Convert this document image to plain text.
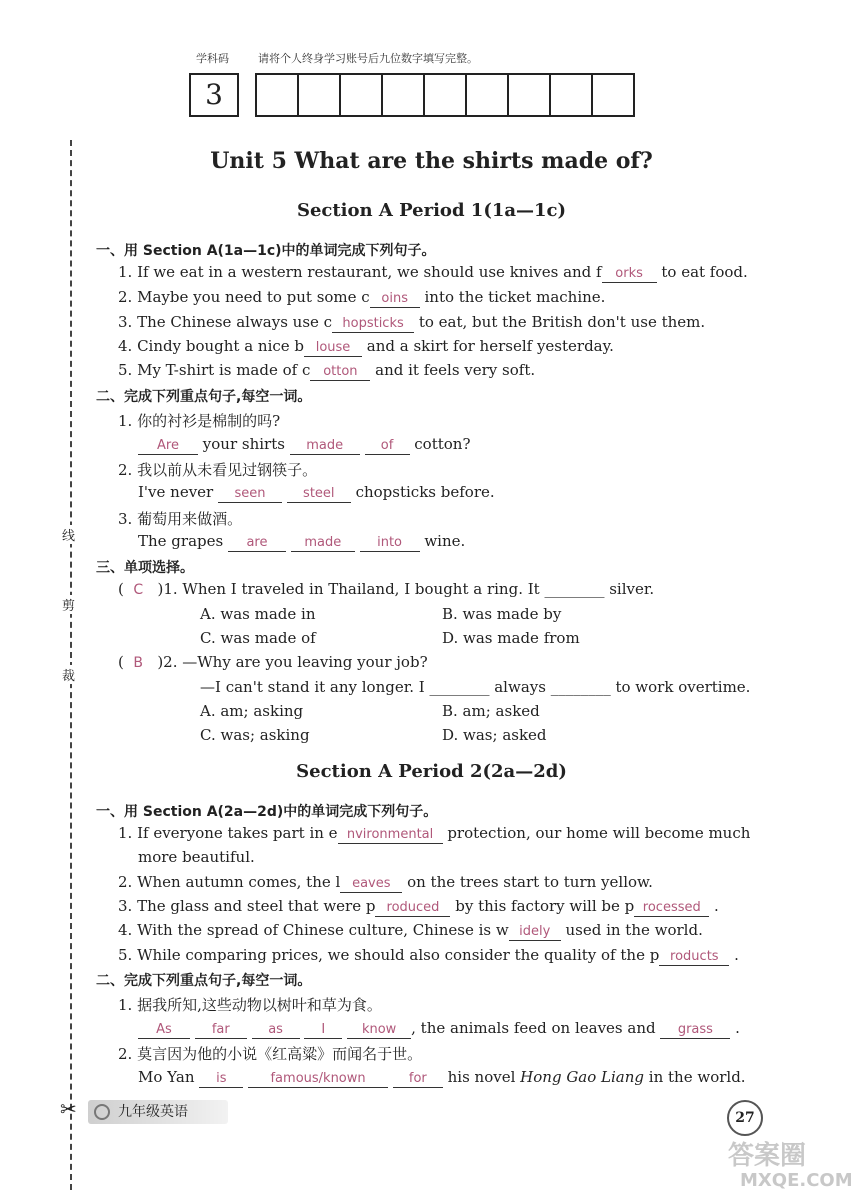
学科码	请将个人终身学习账号后九位数字填写完整。
3
线
剪
裁
✂
Unit 5 What are the shirts made of?
Section A Period 1(1a—1c)
一、用 Section A(1a—1c)中的单词完成下列句子。
1. If we eat in a western restaurant, we should use knives and f orks to eat food.
2. Maybe you need to put some c oins into the ticket machine.
3. The Chinese always use c hopsticks to eat, but the British don't use them.
4. Cindy bought a nice b louse and a skirt for herself yesterday.
5. My T-shirt is made of c otton and it feels very soft.
二、完成下列重点句子,每空一词。
1. 你的衬衫是棉制的吗?
Are your shirts made	of cotton?
2. 我以前从未看见过钢筷子。
I've never seen	steel chopsticks before.
3. 葡萄用来做酒。
The grapes are	made	into wine.
三、单项选择。
(  C )1. When I traveled in Thailand, I bought a ring. It ________ silver.
A. was made in	B. was made by
C. was made of	D. was made from
(  B )2. —Why are you leaving your job?
—I can't stand it any longer. I ________ always ________ to work overtime.
A. am; asking	B. am; asked
C. was; asking	D. was; asked
Section A Period 2(2a—2d)
一、用 Section A(2a—2d)中的单词完成下列句子。
1. If everyone takes part in e nvironmental protection, our home will become much
more beautiful.
2. When autumn comes, the l eaves on the trees start to turn yellow.
3. The glass and steel that were p roduced by this factory will be p rocessed .
4. With the spread of Chinese culture, Chinese is w idely used in the world.
5. While comparing prices, we should also consider the quality of the p roducts .
二、完成下列重点句子,每空一词。
1. 据我所知,这些动物以树叶和草为食。
As	far	as	I	know , the animals feed on leaves and grass .
2. 莫言因为他的小说《红高粱》而闻名于世。
Mo Yan is	famous/known	for his novel Hong Gao Liang in the world.
九年级英语	27
答案圈
MXQE.COM
